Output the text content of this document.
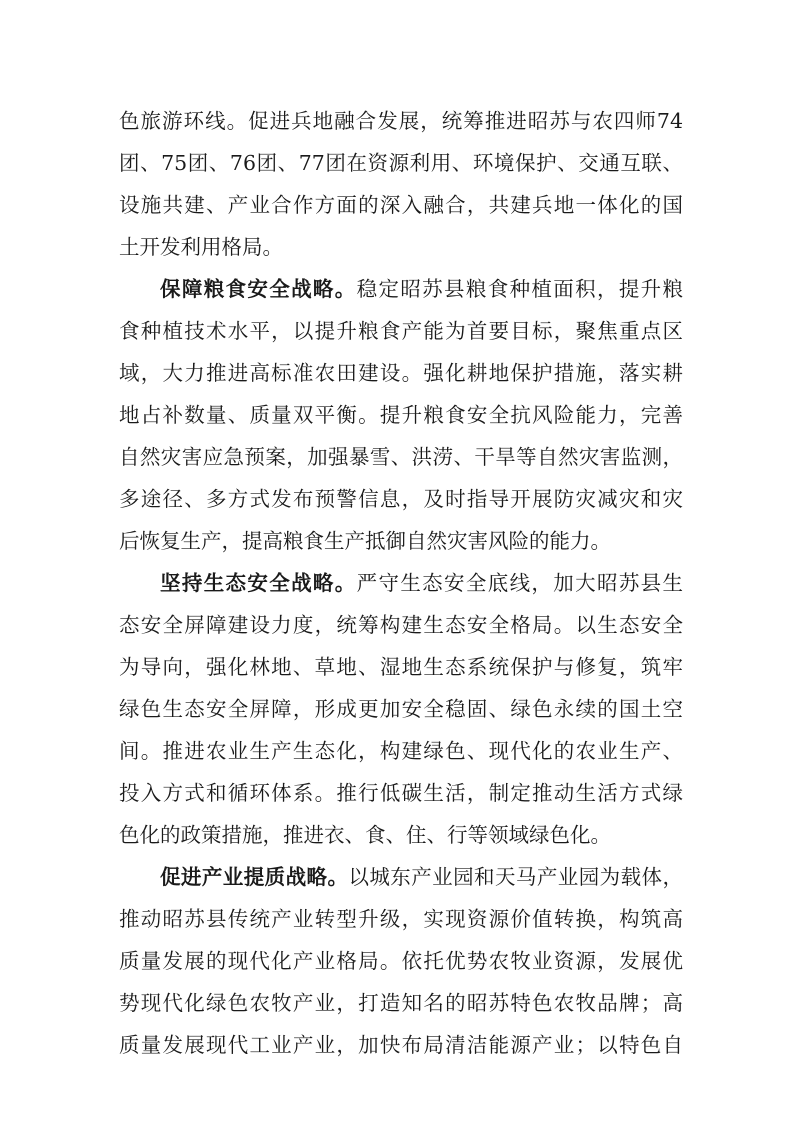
色旅游环线。促进兵地融合发展，统筹推进昭苏与农四师74
团、75团、76团、77团在资源利用、环境保护、交通互联、
设施共建、产业合作方面的深入融合，共建兵地一体化的国
土开发利用格局。
保障粮食安全战略。稳定昭苏县粮食种植面积，提升粮
食种植技术水平，以提升粮食产能为首要目标，聚焦重点区
域，大力推进高标准农田建设。强化耕地保护措施，落实耕
地占补数量、质量双平衡。提升粮食安全抗风险能力，完善
自然灾害应急预案，加强暴雪、洪涝、干旱等自然灾害监测，
多途径、多方式发布预警信息，及时指导开展防灾减灾和灾
后恢复生产，提高粮食生产抵御自然灾害风险的能力。
坚持生态安全战略。严守生态安全底线，加大昭苏县生
态安全屏障建设力度，统筹构建生态安全格局。以生态安全
为导向，强化林地、草地、湿地生态系统保护与修复，筑牢
绿色生态安全屏障，形成更加安全稳固、绿色永续的国土空
间。推进农业生产生态化，构建绿色、现代化的农业生产、
投入方式和循环体系。推行低碳生活，制定推动生活方式绿
色化的政策措施，推进衣、食、住、行等领域绿色化。
促进产业提质战略。以城东产业园和天马产业园为载体，
推动昭苏县传统产业转型升级，实现资源价值转换，构筑高
质量发展的现代化产业格局。依托优势农牧业资源，发展优
势现代化绿色农牧产业，打造知名的昭苏特色农牧品牌；高
质量发展现代工业产业，加快布局清洁能源产业；以特色自
